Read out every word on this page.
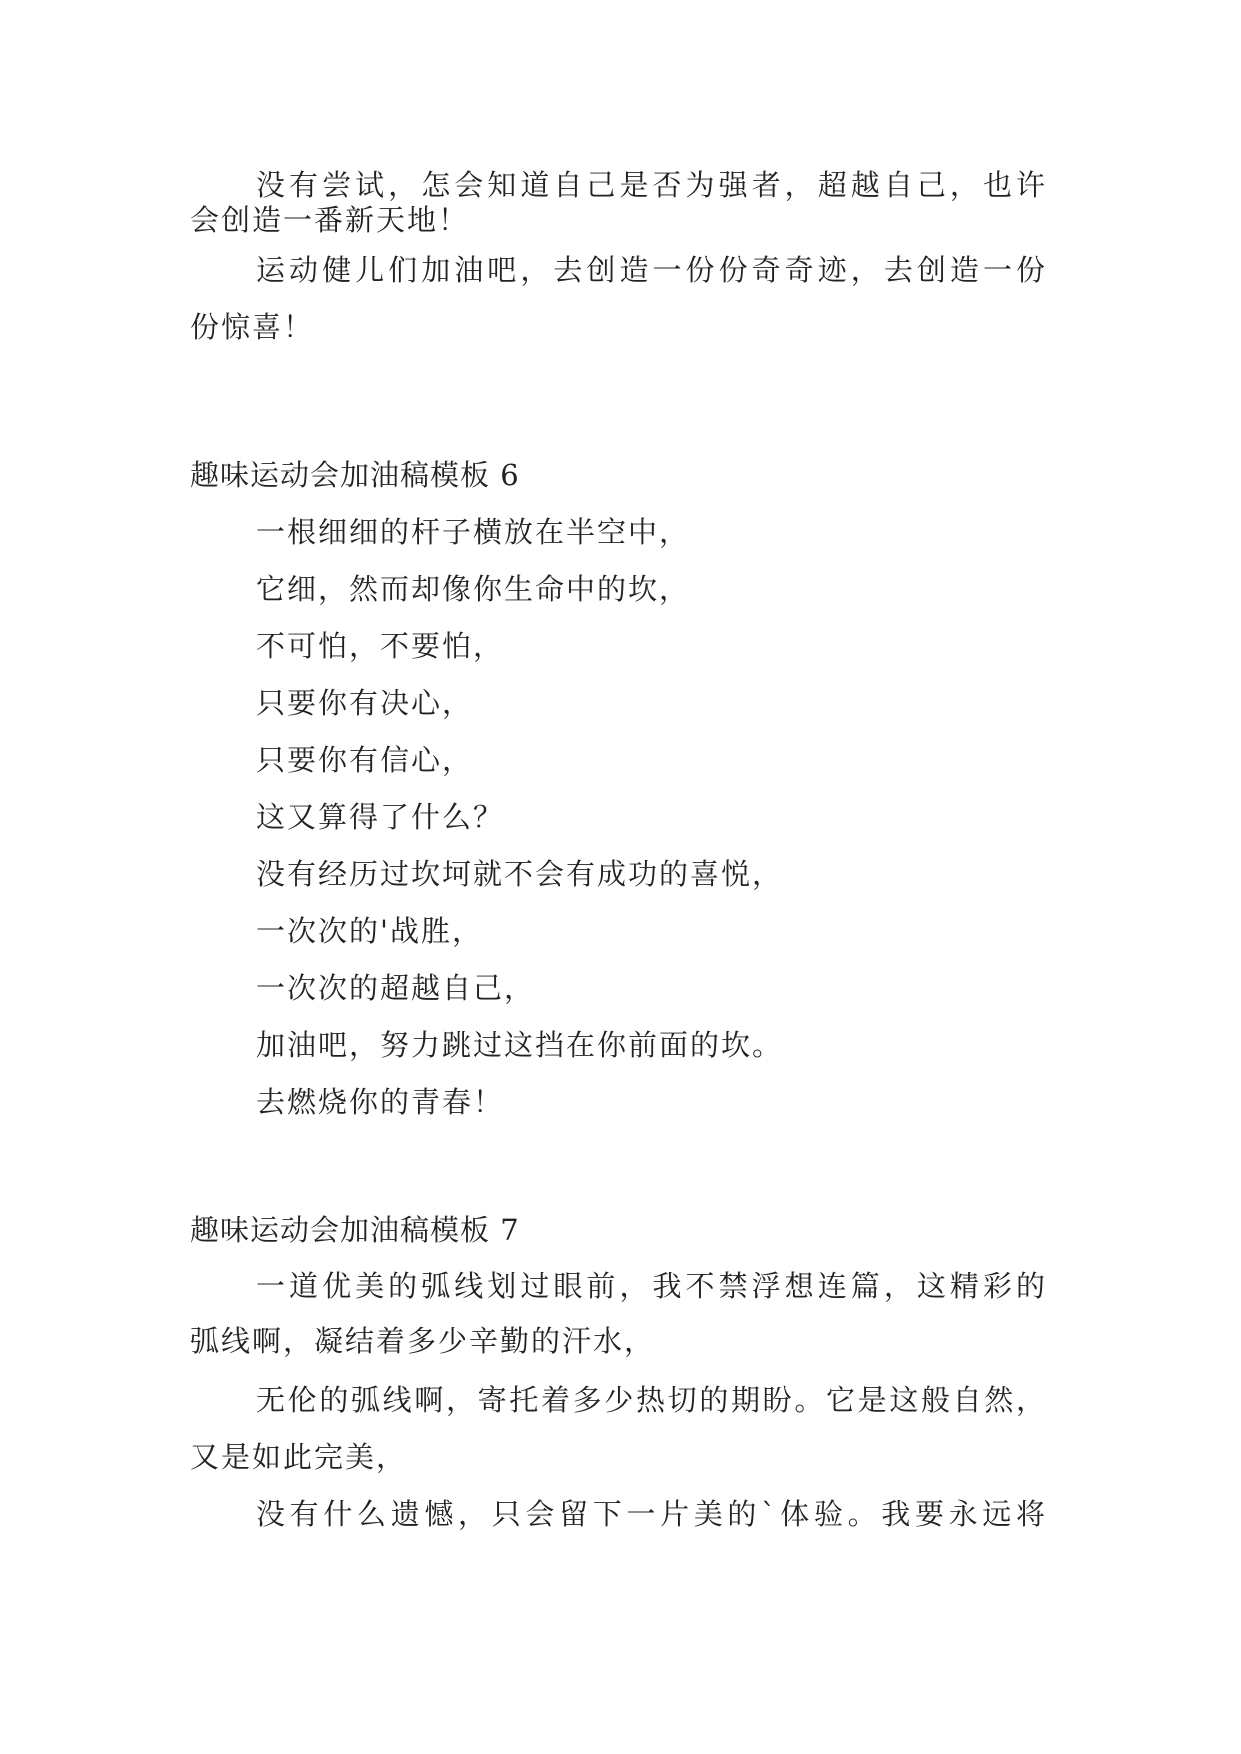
没有尝试，怎会知道自己是否为强者，超越自己，也许
会创造一番新天地！
运动健儿们加油吧，去创造一份份奇奇迹，去创造一份
份惊喜！
趣味运动会加油稿模板 6
一根细细的杆子横放在半空中，
它细，然而却像你生命中的坎，
不可怕，不要怕，
只要你有决心，
只要你有信心，
这又算得了什么？
没有经历过坎坷就不会有成功的喜悦，
一次次的'战胜，
一次次的超越自己，
加油吧，努力跳过这挡在你前面的坎。
去燃烧你的青春！
趣味运动会加油稿模板 7
一道优美的弧线划过眼前，我不禁浮想连篇，这精彩的
弧线啊，凝结着多少辛勤的汗水，
无伦的弧线啊，寄托着多少热切的期盼。它是这般自然，
又是如此完美，
没有什么遗憾，只会留下一片美的`体验。我要永远将
